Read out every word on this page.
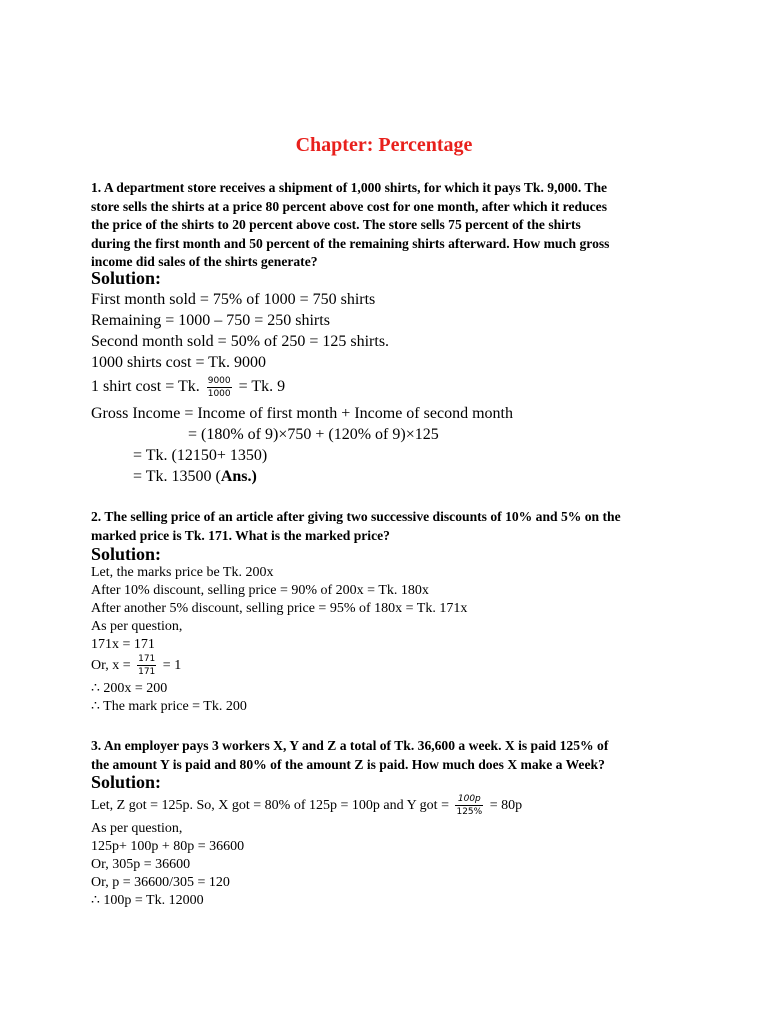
Chapter: Percentage
1. A department store receives a shipment of 1,000 shirts, for which it pays Tk. 9,000. The
store sells the shirts at a price 80 percent above cost for one month, after which it reduces
the price of the shirts to 20 percent above cost. The store sells 75 percent of the shirts
during the first month and 50 percent of the remaining shirts afterward. How much gross
income did sales of the shirts generate?
Solution:
First month sold = 75% of 1000 = 750 shirts
Remaining = 1000 – 750 = 250 shirts
Second month sold = 50% of 250 = 125 shirts.
1000 shirts cost = Tk. 9000
1 shirt cost = Tk. $\frac{9000}{1000} = Tk$. 9
Gross Income = Income of first month + Income of second month
= (180% of 9)×750 + (120% of 9)×125
= Tk. (12150+ 1350)
= Tk. 13500 (Ans.)
2. The selling price of an article after giving two successive discounts of 10% and 5% on the
marked price is Tk. 171. What is the marked price?
Solution:
Let, the marks price be Tk. 200x
After 10% discount, selling price = 90% of 200x = Tk. 180x
After another 5% discount, selling price = 95% of 180x = Tk. 171x
As per question,
171x = 171
Or, $x = \frac{171}{171} = 1$
∴ 200x = 200
∴ The mark price = Tk. 200
3. An employer pays 3 workers X, Y and Z a total of Tk. 36,600 a week. X is paid 125% of
the amount Y is paid and 80% of the amount Z is paid. How much does X make a Week?
Solution:
Let, Z got = 125p. So, X got = 80% of 125p = 100p and Y got = $\frac{100p}{125\%} = 80p$
As per question,
125p+ 100p + 80p = 36600
Or, 305p = 36600
Or, p = 36600/305 = 120
∴ 100p = Tk. 12000
